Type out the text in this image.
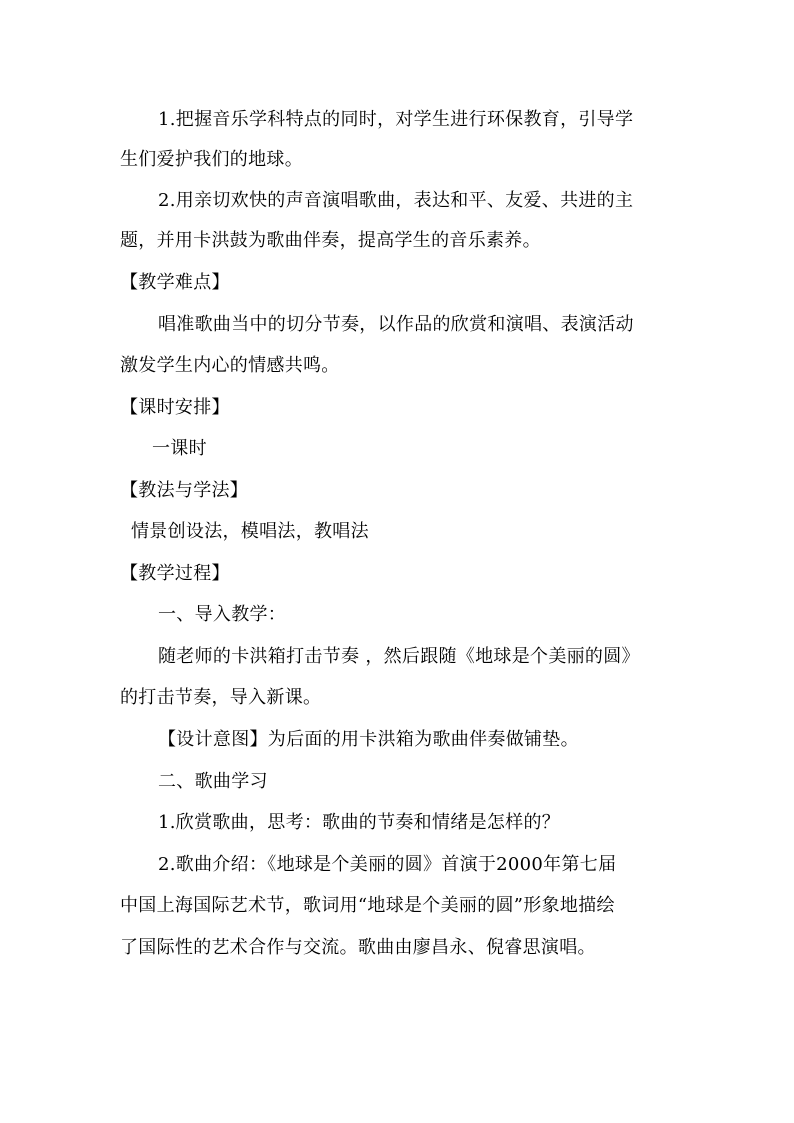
1.把握音乐学科特点的同时，对学生进行环保教育，引导学
生们爱护我们的地球。
2.用亲切欢快的声音演唱歌曲，表达和平、友爱、共进的主
题，并用卡洪鼓为歌曲伴奏，提高学生的音乐素养。
【教学难点】
唱准歌曲当中的切分节奏，以作品的欣赏和演唱、表演活动
激发学生内心的情感共鸣。
【课时安排】
一课时
【教法与学法】
情景创设法，模唱法，教唱法
【教学过程】
一、导入教学：
随老师的卡洪箱打击节奏 ，然后跟随《地球是个美丽的圆》
的打击节奏，导入新课。
【设计意图】为后面的用卡洪箱为歌曲伴奏做铺垫。
二、歌曲学习
1.欣赏歌曲，思考：歌曲的节奏和情绪是怎样的？
2.歌曲介绍：《地球是个美丽的圆》首演于2000年第七届
中国上海国际艺术节，歌词用“地球是个美丽的圆”形象地描绘
了国际性的艺术合作与交流。歌曲由廖昌永、倪睿思演唱。
